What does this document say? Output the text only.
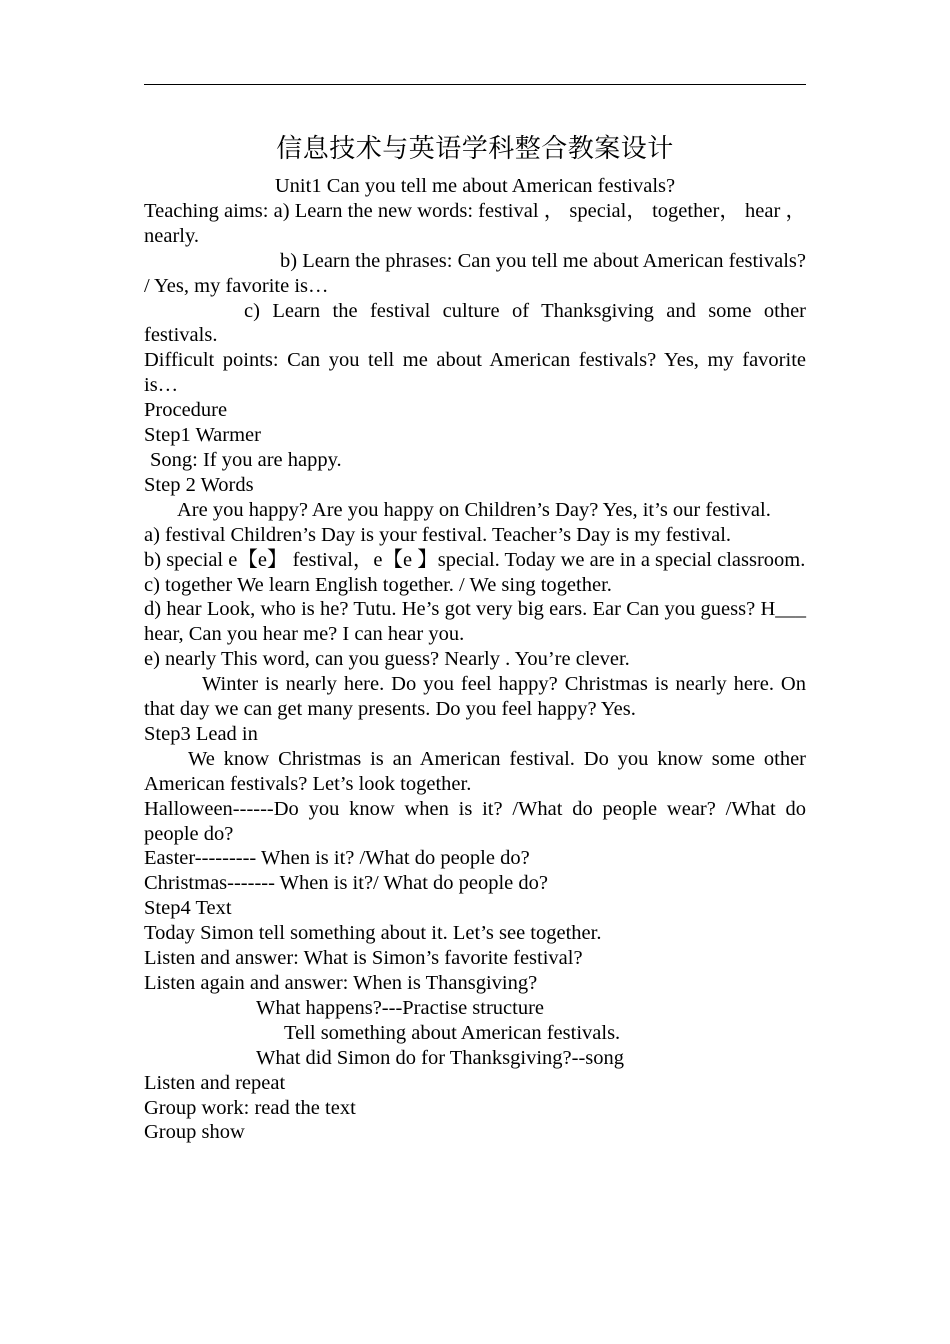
信息技术与英语学科整合教案设计

Unit1 Can you tell me about American festivals?

Teaching aims: a) Learn the new words: festival ， special， together， hear ， nearly.

b) Learn the phrases: Can you tell me about American festivals? / Yes, my favorite is…

c) Learn the festival culture of Thanksgiving and some other festivals.

Difficult points: Can you tell me about American festivals? Yes, my favorite is…

Procedure

Step1 Warmer

Song: If you are happy.

Step 2 Words

Are you happy? Are you happy on Children’s Day? Yes, it’s our festival.

a) festival Children’s Day is your festival. Teacher’s Day is my festival.

b) special e【e】 festival，e【e 】special. Today we are in a special classroom.

c) together We learn English together. / We sing together.

d) hear Look, who is he? Tutu. He’s got very big ears. Ear Can you guess? H___ hear, Can you hear me? I can hear you.

e) nearly This word, can you guess? Nearly . You’re clever.

Winter is nearly here. Do you feel happy? Christmas is nearly here. On that day we can get many presents. Do you feel happy? Yes.

Step3 Lead in

We know Christmas is an American festival. Do you know some other American festivals? Let’s look together.

Halloween------Do you know when is it? /What do people wear? /What do people do?

Easter--------- When is it? /What do people do?

Christmas------- When is it?/ What do people do?

Step4 Text

Today Simon tell something about it. Let’s see together.

Listen and answer: What is Simon’s favorite festival?

Listen again and answer: When is Thansgiving?

What happens?---Practise structure

Tell something about American festivals.

What did Simon do for Thanksgiving?--song

Listen and repeat

Group work: read the text

Group show
